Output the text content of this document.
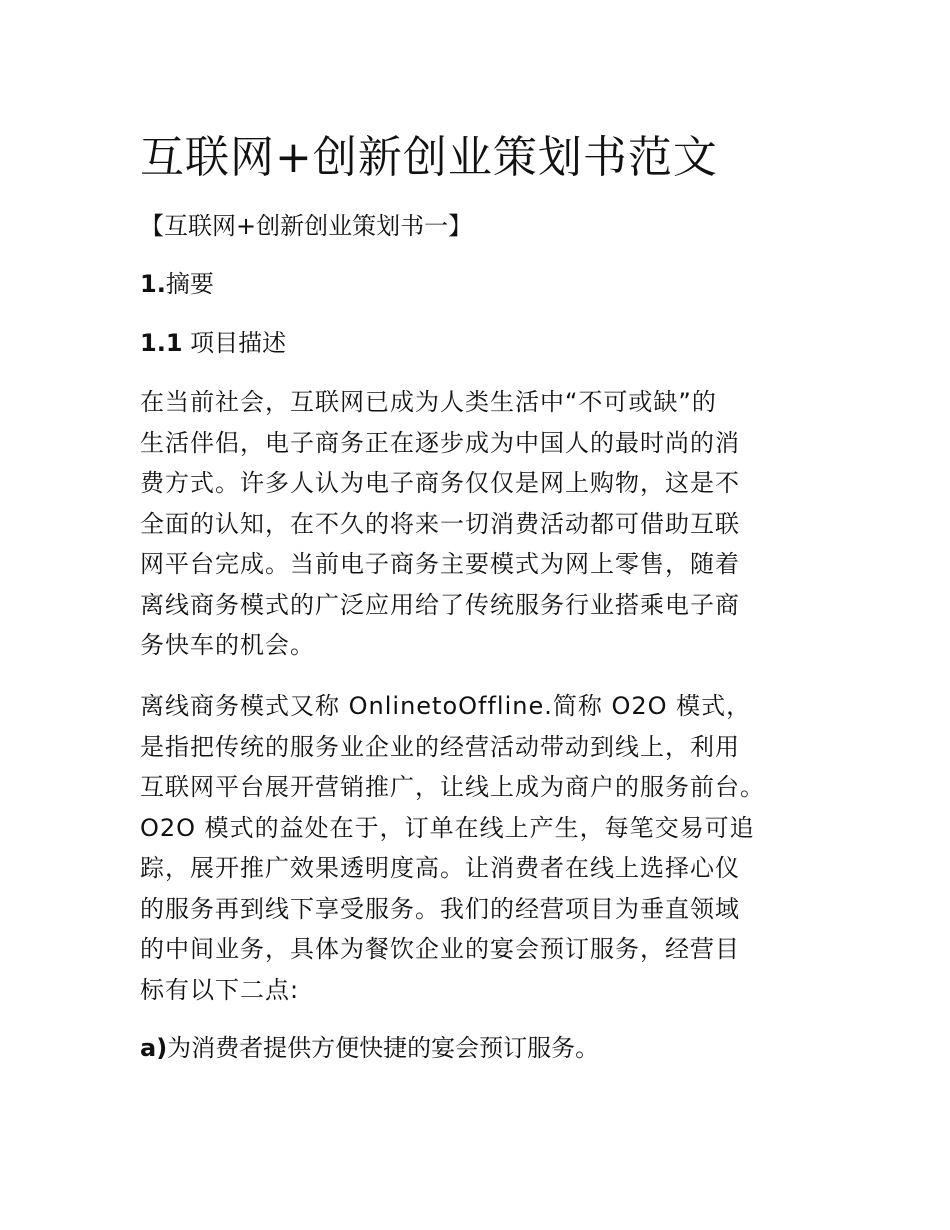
互联网+创新创业策划书范文
【互联网+创新创业策划书一】
1.摘要
1.1 项目描述
在当前社会，互联网已成为人类生活中“不可或缺”的
生活伴侣，电子商务正在逐步成为中国人的最时尚的消
费方式。许多人认为电子商务仅仅是网上购物，这是不
全面的认知，在不久的将来一切消费活动都可借助互联
网平台完成。当前电子商务主要模式为网上零售，随着
离线商务模式的广泛应用给了传统服务行业搭乘电子商
务快车的机会。
离线商务模式又称 OnlinetoOffline.简称 O2O 模式，
是指把传统的服务业企业的经营活动带动到线上，利用
互联网平台展开营销推广，让线上成为商户的服务前台。
O2O 模式的益处在于，订单在线上产生，每笔交易可追
踪，展开推广效果透明度高。让消费者在线上选择心仪
的服务再到线下享受服务。我们的经营项目为垂直领域
的中间业务，具体为餐饮企业的宴会预订服务，经营目
标有以下二点:
a)为消费者提供方便快捷的宴会预订服务。
